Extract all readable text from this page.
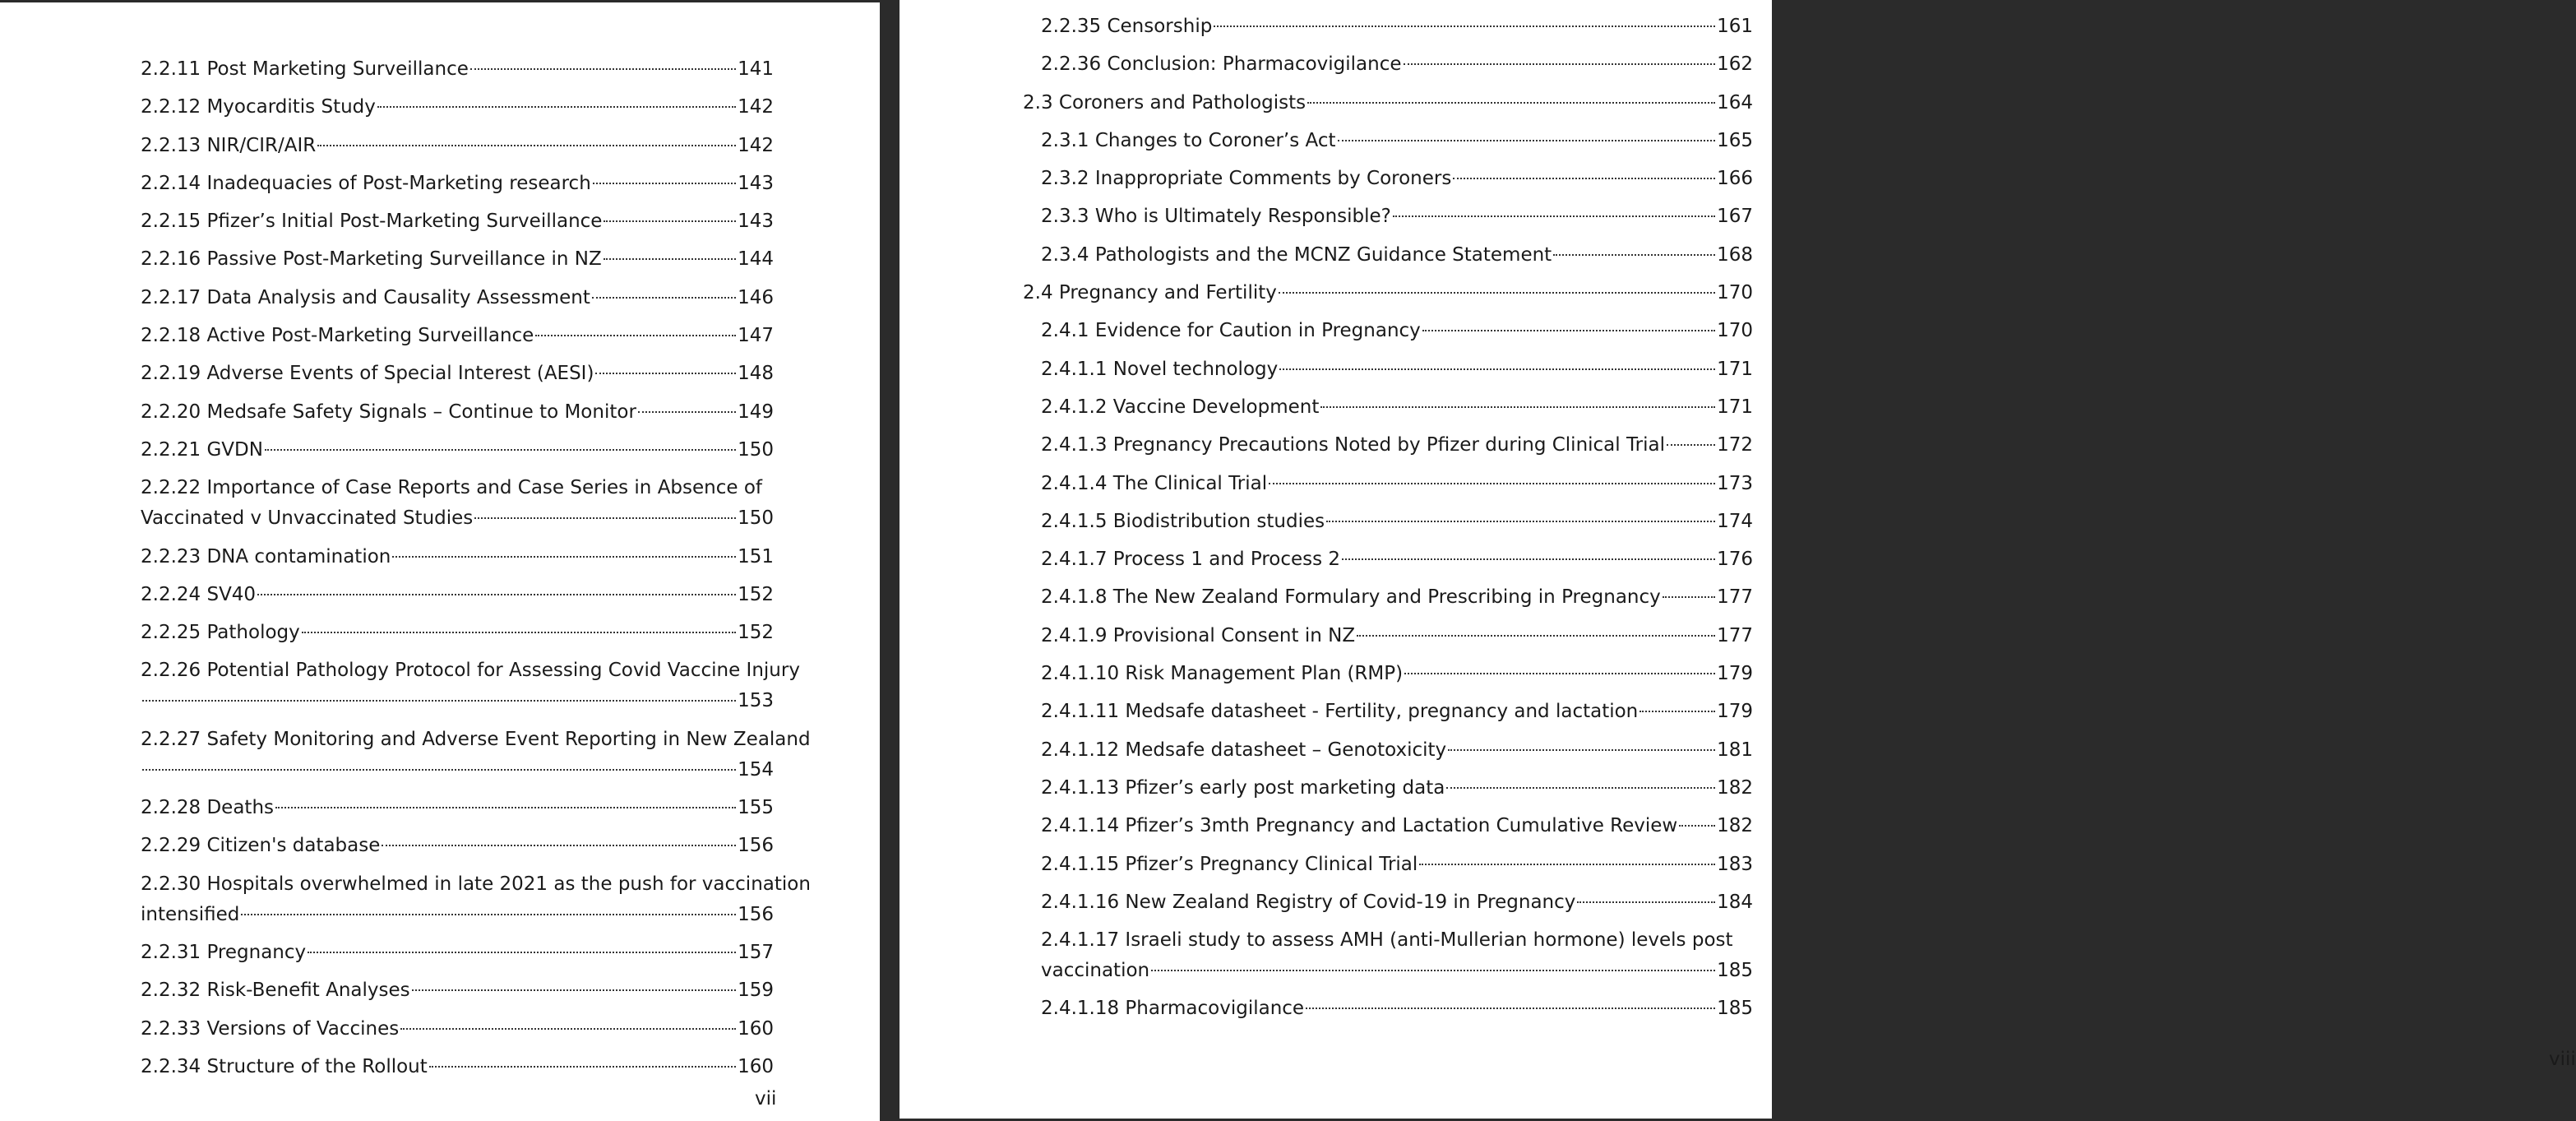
2.2.11 Post Marketing Surveillance	141
2.2.12 Myocarditis Study	142
2.2.13 NIR/CIR/AIR	142
2.2.14 Inadequacies of Post-Marketing research	143
2.2.15 Pfizer’s Initial Post-Marketing Surveillance	143
2.2.16 Passive Post-Marketing Surveillance in NZ	144
2.2.17 Data Analysis and Causality Assessment	146
2.2.18 Active Post-Marketing Surveillance	147
2.2.19 Adverse Events of Special Interest (AESI)	148
2.2.20 Medsafe Safety Signals – Continue to Monitor	149
2.2.21 GVDN	150
2.2.22 Importance of Case Reports and Case Series in Absence of
Vaccinated v Unvaccinated Studies	150
2.2.23 DNA contamination	151
2.2.24 SV40	152
2.2.25 Pathology	152
2.2.26 Potential Pathology Protocol for Assessing Covid Vaccine Injury
153
2.2.27 Safety Monitoring and Adverse Event Reporting in New Zealand
154
2.2.28 Deaths	155
2.2.29 Citizen's database	156
2.2.30 Hospitals overwhelmed in late 2021 as the push for vaccination
intensified	156
2.2.31 Pregnancy	157
2.2.32 Risk-Benefit Analyses	159
2.2.33 Versions of Vaccines	160
2.2.34 Structure of the Rollout	160
vii
2.2.35 Censorship	161
2.2.36 Conclusion: Pharmacovigilance	162
2.3 Coroners and Pathologists	164
2.3.1 Changes to Coroner’s Act	165
2.3.2 Inappropriate Comments by Coroners	166
2.3.3 Who is Ultimately Responsible?	167
2.3.4 Pathologists and the MCNZ Guidance Statement	168
2.4 Pregnancy and Fertility	170
2.4.1 Evidence for Caution in Pregnancy	170
2.4.1.1 Novel technology	171
2.4.1.2 Vaccine Development	171
2.4.1.3 Pregnancy Precautions Noted by Pfizer during Clinical Trial	172
2.4.1.4 The Clinical Trial	173
2.4.1.5 Biodistribution studies	174
2.4.1.7 Process 1 and Process 2	176
2.4.1.8 The New Zealand Formulary and Prescribing in Pregnancy	177
2.4.1.9 Provisional Consent in NZ	177
2.4.1.10 Risk Management Plan (RMP)	179
2.4.1.11 Medsafe datasheet - Fertility, pregnancy and lactation	179
2.4.1.12 Medsafe datasheet – Genotoxicity	181
2.4.1.13 Pfizer’s early post marketing data	182
2.4.1.14 Pfizer’s 3mth Pregnancy and Lactation Cumulative Review 182
2.4.1.15 Pfizer’s Pregnancy Clinical Trial	183
2.4.1.16 New Zealand Registry of Covid-19 in Pregnancy	184
2.4.1.17 Israeli study to assess AMH (anti-Mullerian hormone) levels post
vaccination	185
2.4.1.18 Pharmacovigilance	185
viii
